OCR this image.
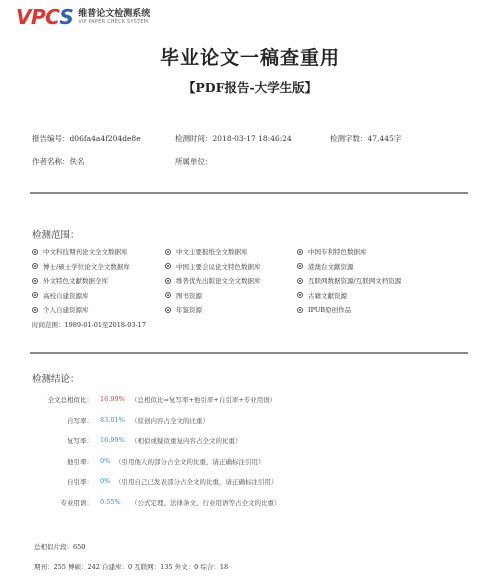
VPCS 维普论文检测系统
VIP PAPER CHECK SYSTEM
毕业论文一稿查重用
【PDF报告-大学生版】
报告编号：d06fa4a4f204de8e	检测时间：2018-03-17 18:46:24	检测字数：47,445字
作者名称：佚名	所属单位：
检测范围：
中文科技期刊论文全文数据库	中文主要报纸全文数据库	中国专利特色数据库
博士/硕士学位论文全文数据库	中国主要会议论文特色数据库	港澳台文献资源
外文特色文献数据全库	维普优先出版论文全文数据库	互联网数据资源/互联网文档资源
高校自建资源库	图书资源	古籍文献资源
个人自建资源库	年鉴资源	IPUB原创作品
时间范围：1989-01-01至2018-03-17
检测结论：
全文总相似比： 16.99% （总相似比=复写率+他引率+自引率+专业用语）
自写率： 83.01% （原创内容占全文的比重）
复写率： 16.99% （相似或疑似重复内容占全文的比重）
他引率： 0% （引用他人的部分占全文的比重，请正确标注引用）
自引率： 0% （引用自己已发表部分占全文的比重，请正确标注引用）
专业用语： 0.55% （公式定理、法律条文、行业用语等占全文的比重）
总相似片段：650
期刊：255 博硕：242 自建库：0 互联网：135 外文：0 综合：18
